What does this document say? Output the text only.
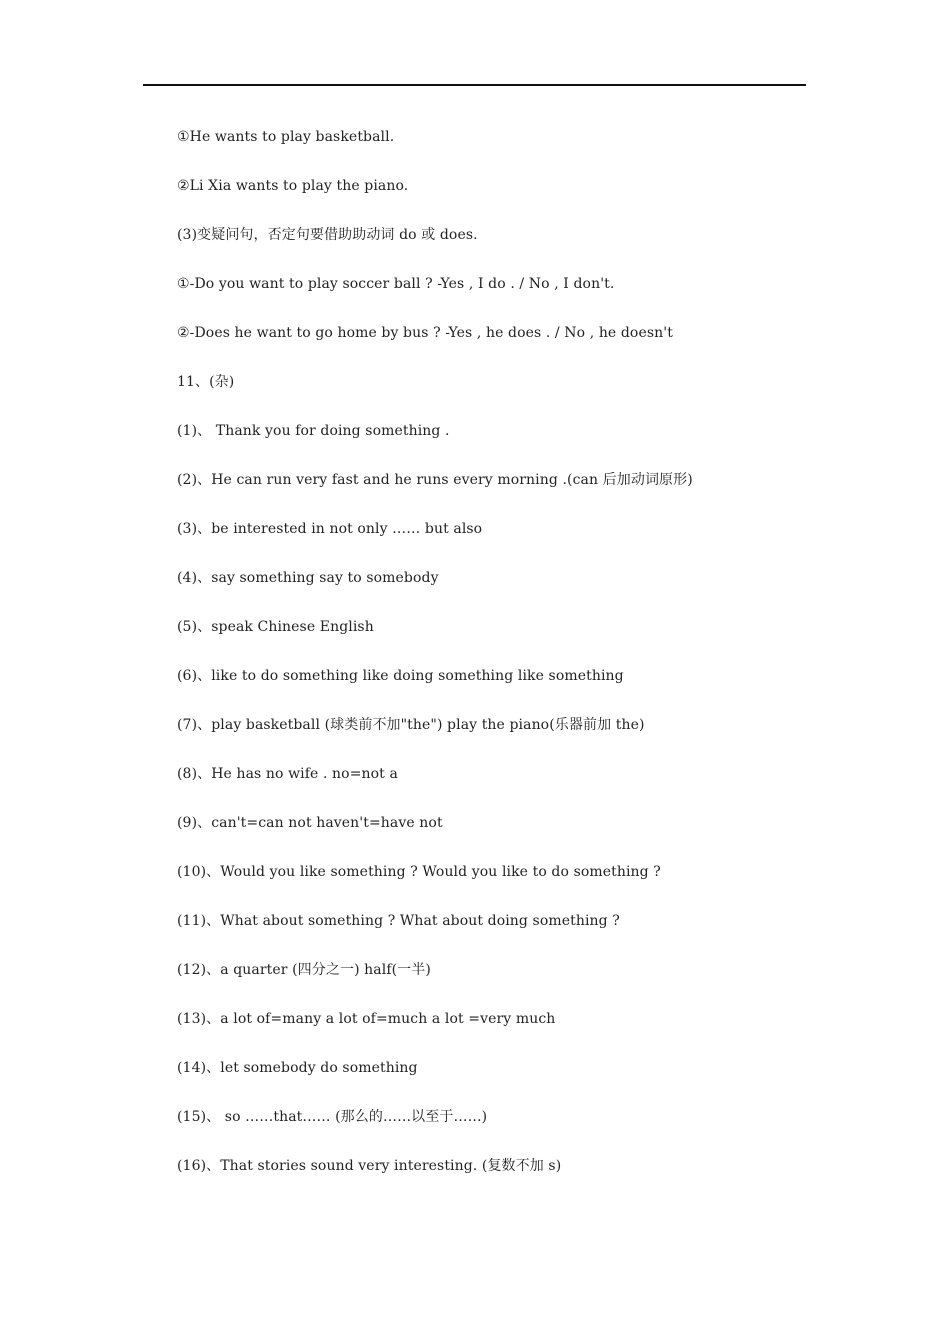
①He wants to play basketball.
②Li Xia wants to play the piano.
(3)变疑问句，否定句要借助助动词 do 或 does.
①-Do you want to play soccer ball ? -Yes , I do . / No , I don't.
②-Does he want to go home by bus ? -Yes , he does . / No , he doesn't
11、(杂)
(1)、 Thank you for doing something .
(2)、He can run very fast and he runs every morning .(can 后加动词原形)
(3)、be interested in not only …… but also
(4)、say something say to somebody
(5)、speak Chinese English
(6)、like to do something like doing something like something
(7)、play basketball (球类前不加"the") play the piano(乐器前加 the)
(8)、He has no wife . no=not a
(9)、can't=can not haven't=have not
(10)、Would you like something ? Would you like to do something ?
(11)、What about something ? What about doing something ?
(12)、a quarter (四分之一) half(一半)
(13)、a lot of=many a lot of=much a lot =very much
(14)、let somebody do something
(15)、 so ……that…… (那么的……以至于……)
(16)、That stories sound very interesting. (复数不加 s)
